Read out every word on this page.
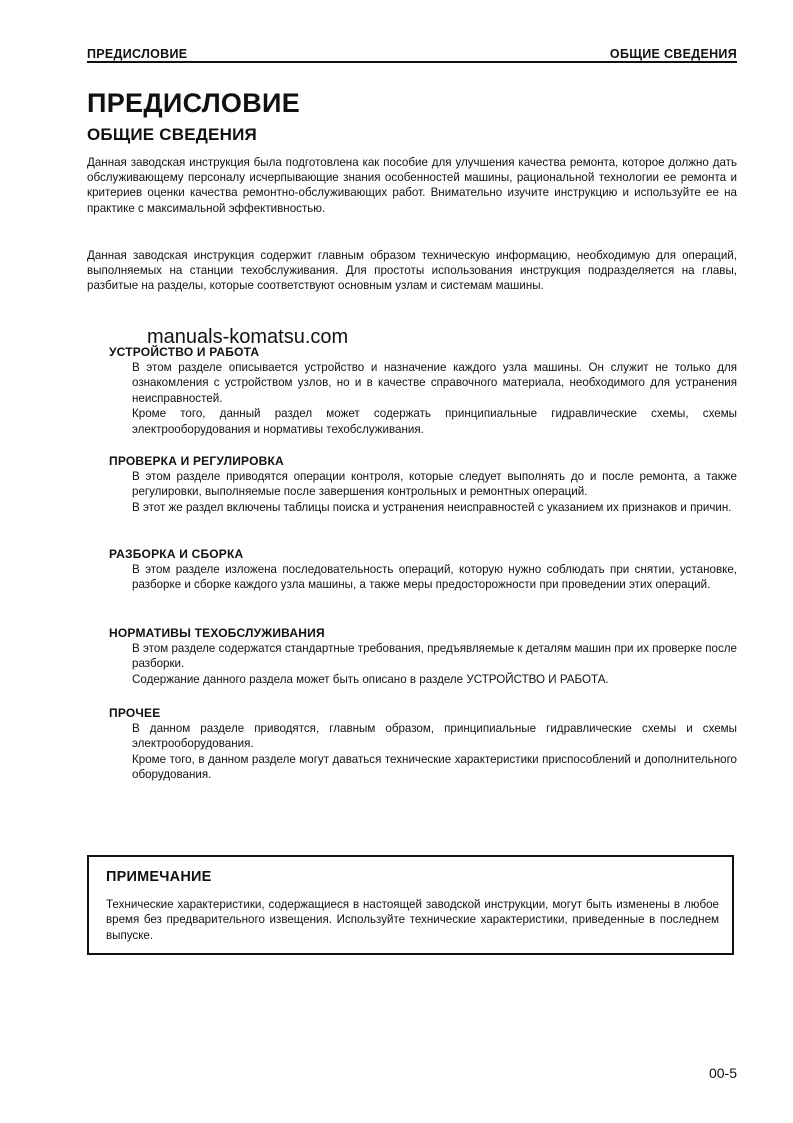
ПРЕДИСЛОВИЕ	ОБЩИЕ СВЕДЕНИЯ
ПРЕДИСЛОВИЕ
ОБЩИЕ СВЕДЕНИЯ

Данная заводская инструкция была подготовлена как пособие для улучшения качества ремонта, которое должно дать обслуживающему персоналу исчерпывающие знания особенностей машины, рациональной технологии ее ремонта и критериев оценки качества ремонтно-обслуживающих работ. Внимательно изучите инструкцию и используйте ее на практике с максимальной эффективностью.

Данная заводская инструкция содержит главным образом техническую информацию, необходимую для операций, выполняемых на станции техобслуживания. Для простоты использования инструкция подразделяется на главы, разбитые на разделы, которые соответствуют основным узлам и системам машины.

manuals-komatsu.com
УСТРОЙСТВО И РАБОТА

В этом разделе описывается устройство и назначение каждого узла машины. Он служит не только для ознакомления с устройством узлов, но и в качестве справочного материала, необходимого для устранения неисправностей.

Кроме того, данный раздел может содержать принципиальные гидравлические схемы, схемы электрооборудования и нормативы техобслуживания.

ПРОВЕРКА И РЕГУЛИРОВКА

В этом разделе приводятся операции контроля, которые следует выполнять до и после ремонта, а также регулировки, выполняемые после завершения контрольных и ремонтных операций.

В этот же раздел включены таблицы поиска и устранения неисправностей с указанием их признаков и причин.

РАЗБОРКА И СБОРКА

В этом разделе изложена последовательность операций, которую нужно соблюдать при снятии, установке, разборке и сборке каждого узла машины, а также меры предосторожности при проведении этих операций.

НОРМАТИВЫ ТЕХОБСЛУЖИВАНИЯ

В этом разделе содержатся стандартные требования, предъявляемые к деталям машин при их проверке после разборки.

Содержание данного раздела может быть описано в разделе УСТРОЙСТВО И РАБОТА.

ПРОЧЕЕ

В данном разделе приводятся, главным образом, принципиальные гидравлические схемы и схемы электрооборудования.

Кроме того, в данном разделе могут даваться технические характеристики приспособлений и дополнительного оборудования.

ПРИМЕЧАНИЕ

Технические характеристики, содержащиеся в настоящей заводской инструкции, могут быть изменены в любое время без предварительного извещения. Используйте технические характеристики, приведенные в последнем выпуске.

00-5
